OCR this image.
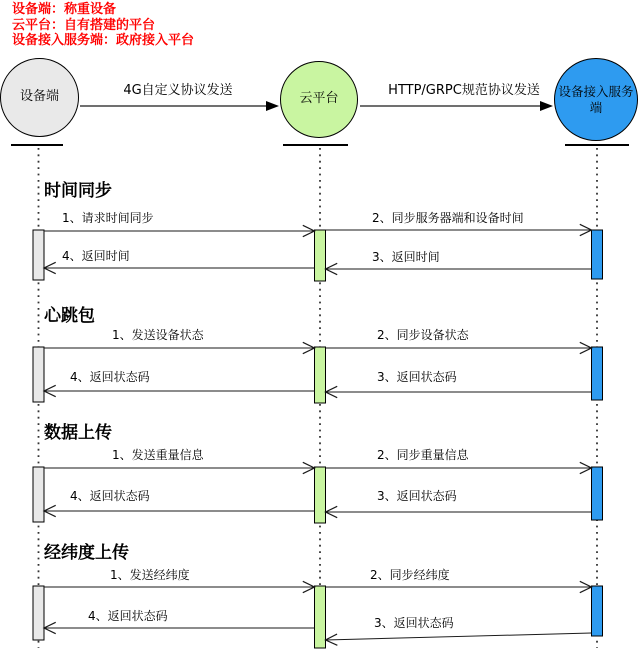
设备端：称重设备
云平台：自有搭建的平台
设备接入服务端：政府接入平台
设备端	云平台	设备接入服务端
4G自定义协议发送	HTTP/GRPC规范协议发送
时间同步
心跳包
数据上传
经纬度上传
1、请求时间同步	2、同步服务器端和设备时间
3、返回时间
4、返回时间
1、发送设备状态	2、同步设备状态
3、返回状态码
4、返回状态码
1、发送重量信息	2、同步重量信息
3、返回状态码
4、返回状态码
1、发送经纬度	2、同步经纬度
3、返回状态码
4、返回状态码
